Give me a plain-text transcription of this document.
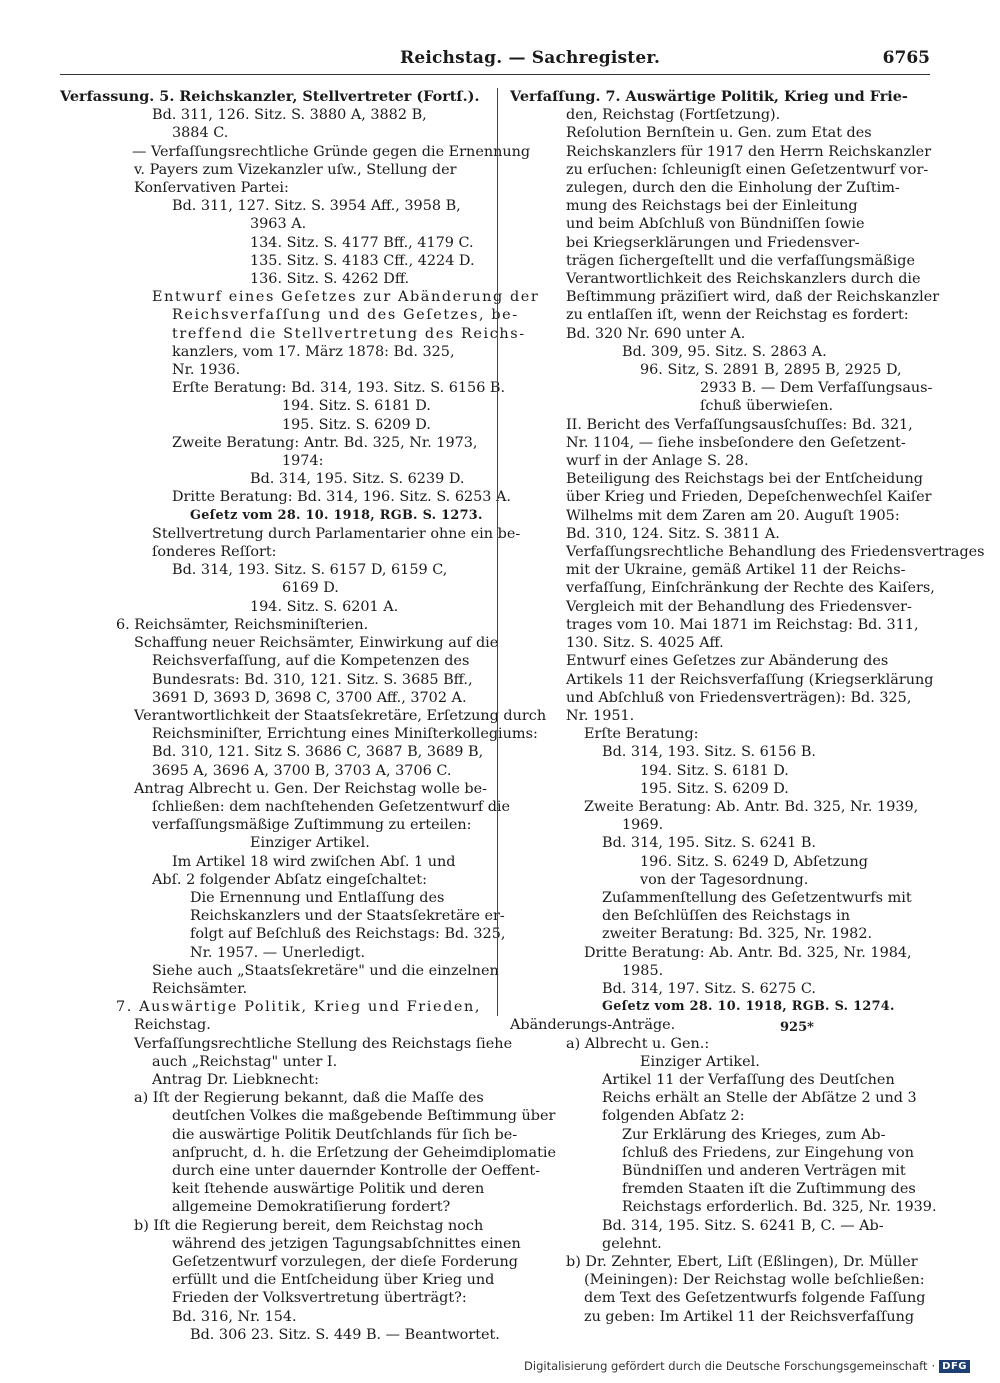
Reichstag. — Sachregister.	6765
Verfassung. 5. Reichskanzler, Stellvertreter (Fortſ.).
Bd. 311, 126. Sitz. S. 3880 A, 3882 B,
3884 C.
— Verfaſſungsrechtliche Gründe gegen die Ernennung
v. Payers zum Vizekanzler uſw., Stellung der
Konſervativen Partei:
Bd. 311, 127. Sitz. S. 3954 Aff., 3958 B,
3963 A.
134. Sitz. S. 4177 Bff., 4179 C.
135. Sitz. S. 4183 Cff., 4224 D.
136. Sitz. S. 4262 Dff.
Entwurf eines Geſetzes zur Abänderung der
Reichsverfaſſung und des Geſetzes, be-
treffend die Stellvertretung des Reichs-
kanzlers, vom 17. März 1878: Bd. 325,
Nr. 1936.
Erſte Beratung: Bd. 314, 193. Sitz. S. 6156 B.
194. Sitz. S. 6181 D.
195. Sitz. S. 6209 D.
Zweite Beratung: Antr. Bd. 325, Nr. 1973,
1974:
Bd. 314, 195. Sitz. S. 6239 D.
Dritte Beratung: Bd. 314, 196. Sitz. S. 6253 A.
Geſetz vom 28. 10. 1918, RGB. S. 1273.
Stellvertretung durch Parlamentarier ohne ein be-
ſonderes Reſſort:
Bd. 314, 193. Sitz. S. 6157 D, 6159 C,
6169 D.
194. Sitz. S. 6201 A.
6. Reichsämter, Reichsminiſterien.
Schaffung neuer Reichsämter, Einwirkung auf die
Reichsverfaſſung, auf die Kompetenzen des
Bundesrats: Bd. 310, 121. Sitz. S. 3685 Bff.,
3691 D, 3693 D, 3698 C, 3700 Aff., 3702 A.
Verantwortlichkeit der Staatsſekretäre, Erſetzung durch
Reichsminiſter, Errichtung eines Miniſterkollegiums:
Bd. 310, 121. Sitz S. 3686 C, 3687 B, 3689 B,
3695 A, 3696 A, 3700 B, 3703 A, 3706 C.
Antrag Albrecht u. Gen. Der Reichstag wolle be-
ſchließen: dem nachſtehenden Geſetzentwurf die
verfaſſungsmäßige Zuſtimmung zu erteilen:
Einziger Artikel.
Im Artikel 18 wird zwiſchen Abſ. 1 und
Abſ. 2 folgender Abſatz eingeſchaltet:
Die Ernennung und Entlaſſung des
Reichskanzlers und der Staatsſekretäre er-
folgt auf Beſchluß des Reichstags: Bd. 325,
Nr. 1957. — Unerledigt.
Siehe auch „Staatsſekretäre" und die einzelnen
Reichsämter.
7. Auswärtige Politik, Krieg und Frieden,
Reichstag.
Verfaſſungsrechtliche Stellung des Reichstags ſiehe
auch „Reichstag" unter I.
Antrag Dr. Liebknecht:
a) Iſt der Regierung bekannt, daß die Maſſe des
deutſchen Volkes die maßgebende Beſtimmung über
die auswärtige Politik Deutſchlands für ſich be-
anſprucht, d. h. die Erſetzung der Geheimdiplomatie
durch eine unter dauernder Kontrolle der Oeffent-
keit ſtehende auswärtige Politik und deren
allgemeine Demokratiſierung fordert?
b) Iſt die Regierung bereit, dem Reichstag noch
während des jetzigen Tagungsabſchnittes einen
Geſetzentwurf vorzulegen, der dieſe Forderung
erfüllt und die Entſcheidung über Krieg und
Frieden der Volksvertretung überträgt?:
Bd. 316, Nr. 154.
Bd. 306 23. Sitz. S. 449 B. — Beantwortet.
Verfaſſung. 7. Auswärtige Politik, Krieg und Frie-
den, Reichstag (Fortſetzung).
Reſolution Bernſtein u. Gen. zum Etat des
Reichskanzlers für 1917 den Herrn Reichskanzler
zu erſuchen: ſchleunigſt einen Geſetzentwurf vor-
zulegen, durch den die Einholung der Zuſtim-
mung des Reichstags bei der Einleitung
und beim Abſchluß von Bündniſſen ſowie
bei Kriegserklärungen und Friedensver-
trägen ſichergeſtellt und die verfaſſungsmäßige
Verantwortlichkeit des Reichskanzlers durch die
Beſtimmung präziſiert wird, daß der Reichskanzler
zu entlaſſen iſt, wenn der Reichstag es fordert:
Bd. 320 Nr. 690 unter A.
Bd. 309, 95. Sitz. S. 2863 A.
96. Sitz, S. 2891 B, 2895 B, 2925 D,
2933 B. — Dem Verfaſſungsaus-
ſchuß überwieſen.
II. Bericht des Verfaſſungsausſchuſſes: Bd. 321,
Nr. 1104, — ſiehe insbeſondere den Geſetzent-
wurf in der Anlage S. 28.
Beteiligung des Reichstags bei der Entſcheidung
über Krieg und Frieden, Depeſchenwechſel Kaiſer
Wilhelms mit dem Zaren am 20. Auguſt 1905:
Bd. 310, 124. Sitz. S. 3811 A.
Verfaſſungsrechtliche Behandlung des Friedensvertrages
mit der Ukraine, gemäß Artikel 11 der Reichs-
verfaſſung, Einſchränkung der Rechte des Kaiſers,
Vergleich mit der Behandlung des Friedensver-
trages vom 10. Mai 1871 im Reichstag: Bd. 311,
130. Sitz. S. 4025 Aff.
Entwurf eines Geſetzes zur Abänderung des
Artikels 11 der Reichsverfaſſung (Kriegserklärung
und Abſchluß von Friedensverträgen): Bd. 325,
Nr. 1951.
Erſte Beratung:
Bd. 314, 193. Sitz. S. 6156 B.
194. Sitz. S. 6181 D.
195. Sitz. S. 6209 D.
Zweite Beratung: Ab. Antr. Bd. 325, Nr. 1939,
1969.
Bd. 314, 195. Sitz. S. 6241 B.
196. Sitz. S. 6249 D, Abſetzung
von der Tagesordnung.
Zuſammenſtellung des Geſetzentwurfs mit
den Beſchlüſſen des Reichstags in
zweiter Beratung: Bd. 325, Nr. 1982.
Dritte Beratung: Ab. Antr. Bd. 325, Nr. 1984,
1985.
Bd. 314, 197. Sitz. S. 6275 C.
Geſetz vom 28. 10. 1918, RGB. S. 1274.
Abänderungs-Anträge.
a) Albrecht u. Gen.:
Einziger Artikel.
Artikel 11 der Verfaſſung des Deutſchen
Reichs erhält an Stelle der Abſätze 2 und 3
folgenden Abſatz 2:
Zur Erklärung des Krieges, zum Ab-
ſchluß des Friedens, zur Eingehung von
Bündniſſen und anderen Verträgen mit
fremden Staaten iſt die Zuſtimmung des
Reichstags erforderlich. Bd. 325, Nr. 1939.
Bd. 314, 195. Sitz. S. 6241 B, C. — Ab-
gelehnt.
b) Dr. Zehnter, Ebert, Liſt (Eßlingen), Dr. Müller
(Meiningen): Der Reichstag wolle beſchließen:
dem Text des Geſetzentwurfs folgende Faſſung
zu geben: Im Artikel 11 der Reichsverfaſſung
925*
Digitalisierung gefördert durch die Deutsche Forschungsgemeinschaft · DFG
